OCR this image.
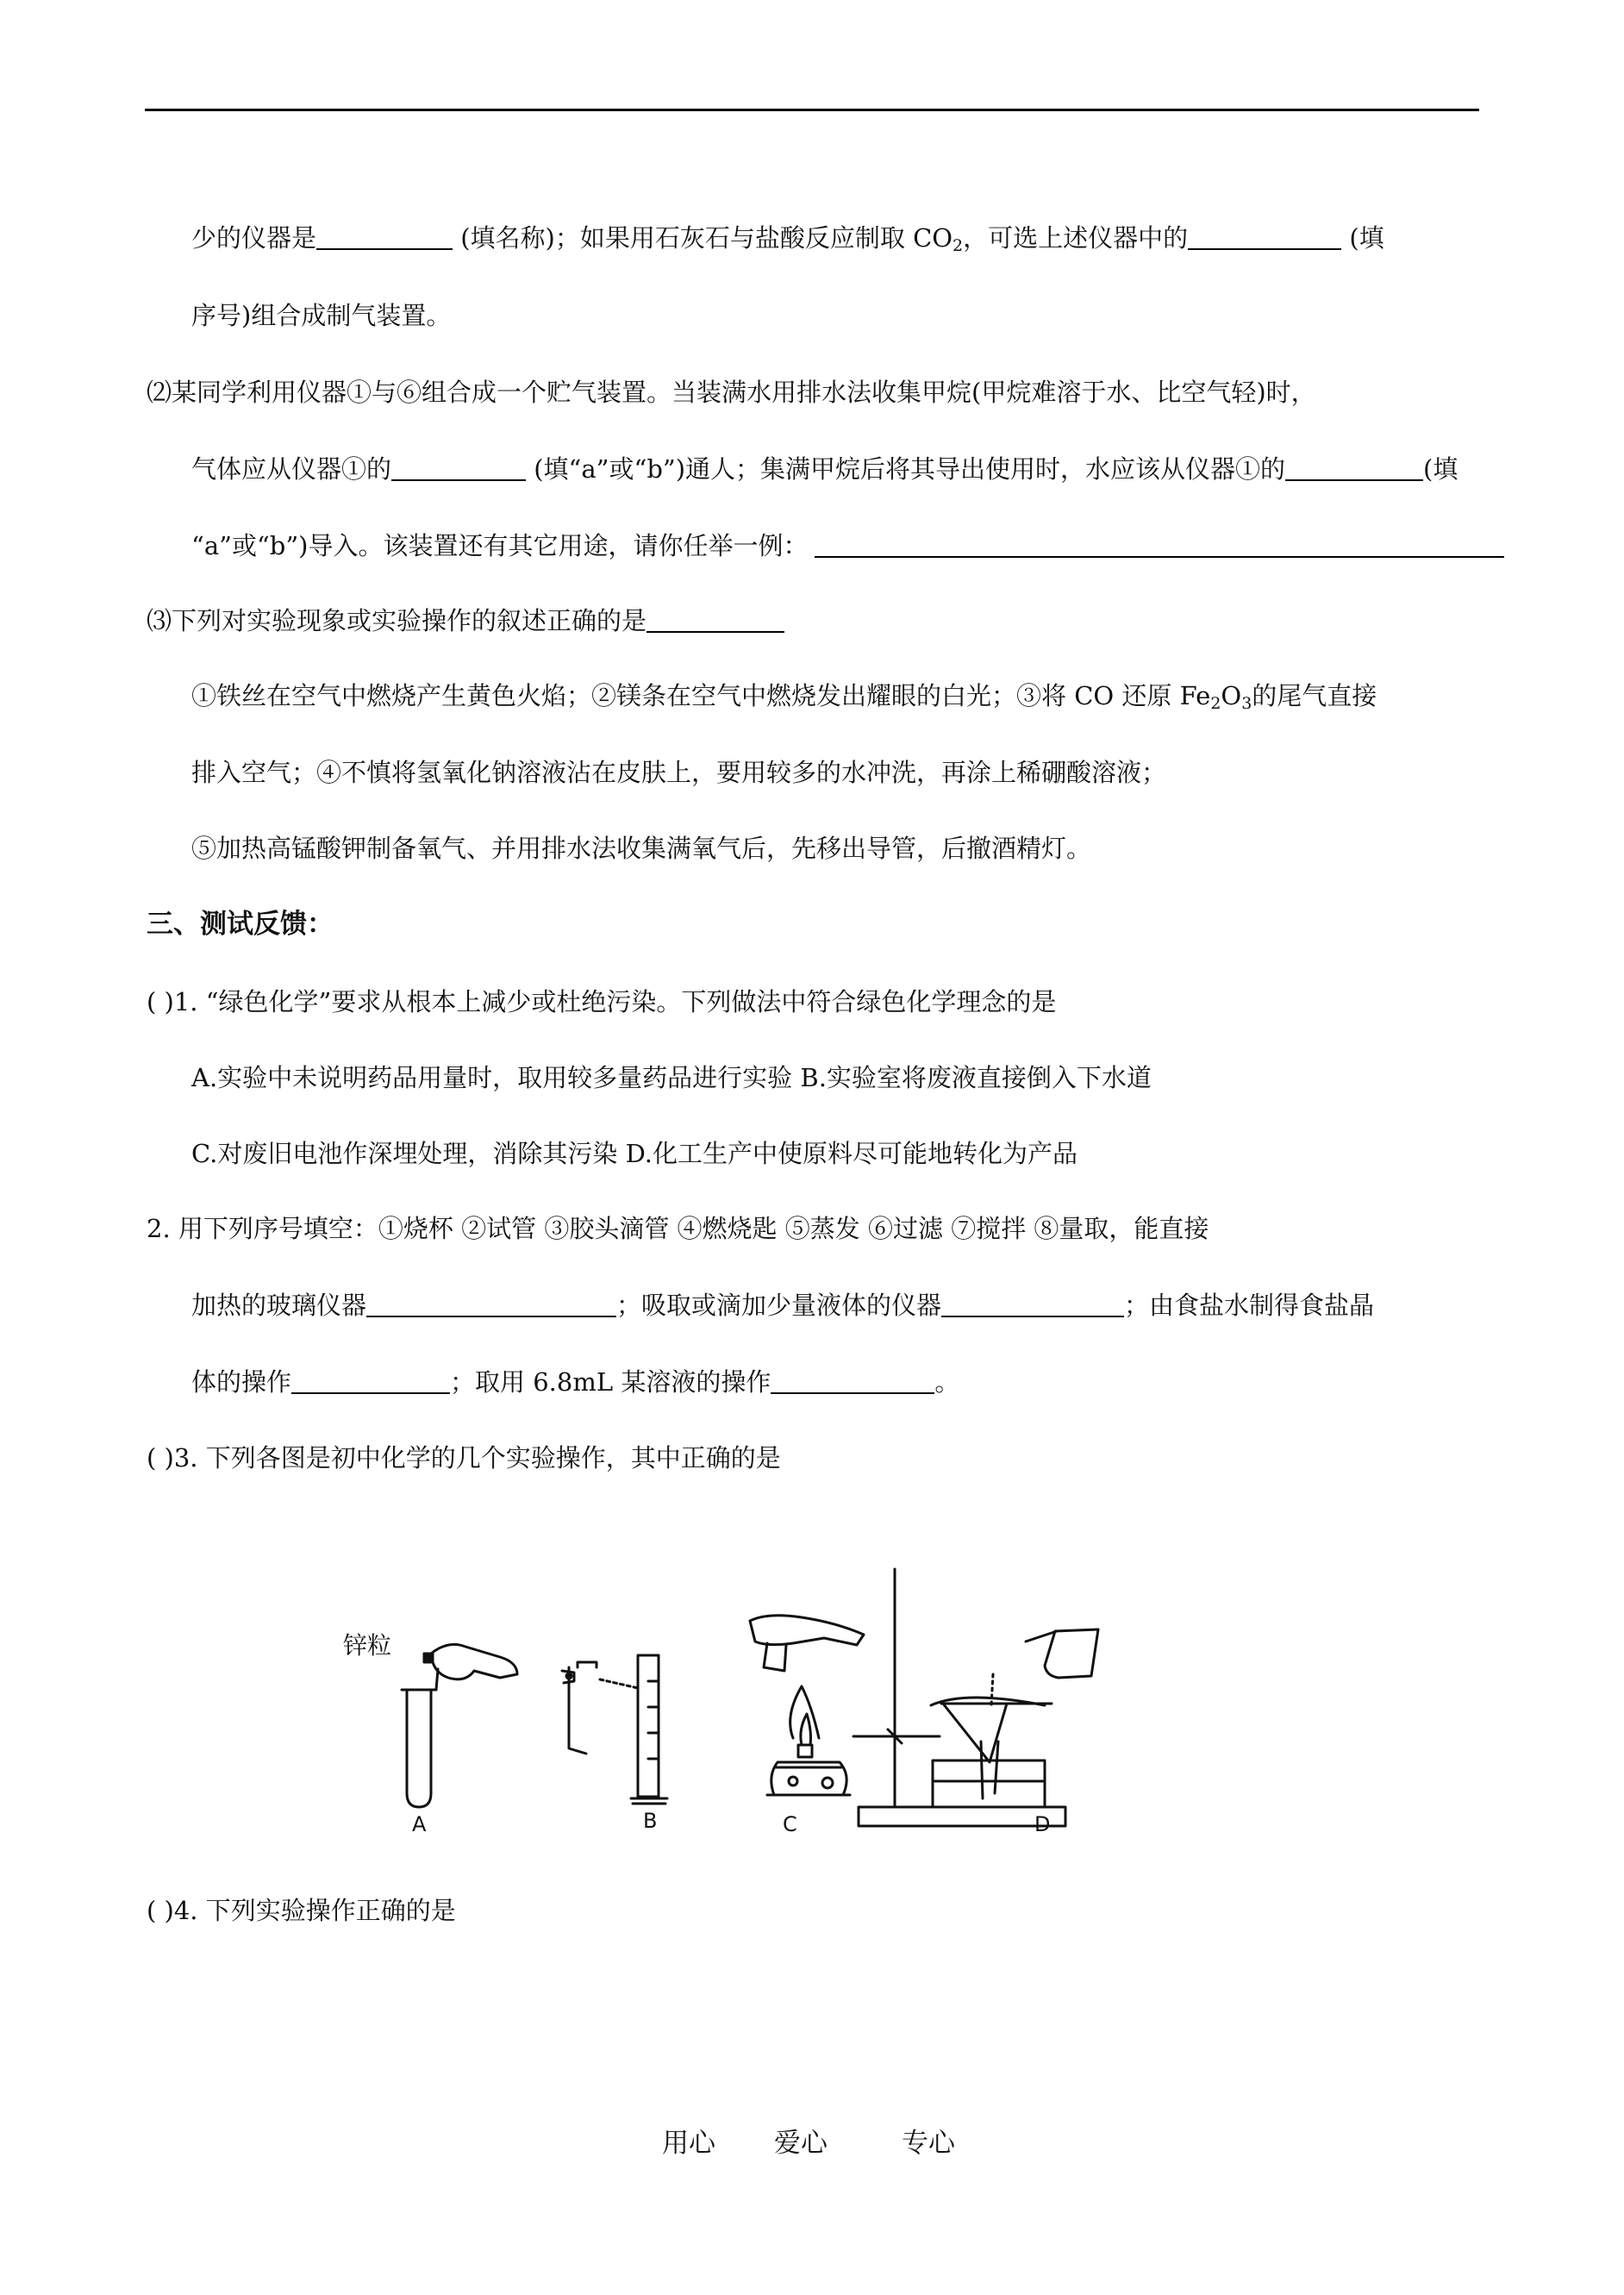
少的仪器是	(填名称)；如果用石灰石与盐酸反应制取 $CO_2$，可选上述仪器中的	(填
序号)组合成制气装置。
⑵某同学利用仪器①与⑥组合成一个贮气装置。当装满水用排水法收集甲烷(甲烷难溶于水、比空气轻)时，
气体应从仪器①的	(填“a”或“b”)通人；集满甲烷后将其导出使用时，水应该从仪器①的	(填
“a”或“b”)导入。该装置还有其它用途，请你任举一例：
⑶下列对实验现象或实验操作的叙述正确的是
①铁丝在空气中燃烧产生黄色火焰；②镁条在空气中燃烧发出耀眼的白光；③将 CO 还原 $Fe_2O_3$的尾气直接
排入空气；④不慎将氢氧化钠溶液沾在皮肤上，要用较多的水冲洗，再涂上稀硼酸溶液；
⑤加热高锰酸钾制备氧气、并用排水法收集满氧气后，先移出导管，后撤酒精灯。
三、测试反馈：
( )1. “绿色化学”要求从根本上减少或杜绝污染。下列做法中符合绿色化学理念的是
A.实验中未说明药品用量时，取用较多量药品进行实验 B.实验室将废液直接倒入下水道
C.对废旧电池作深埋处理，消除其污染 D.化工生产中使原料尽可能地转化为产品
2. 用下列序号填空：①烧杯 ②试管 ③胶头滴管 ④燃烧匙 ⑤蒸发 ⑥过滤 ⑦搅拌 ⑧量取，能直接
加热的玻璃仪器	；吸取或滴加少量液体的仪器	；由食盐水制得食盐晶
体的操作	；取用 6.8mL 某溶液的操作	。
( )3. 下列各图是初中化学的几个实验操作，其中正确的是
锌粒
A	B	C	D
( )4. 下列实验操作正确的是
用心 爱心	专心
